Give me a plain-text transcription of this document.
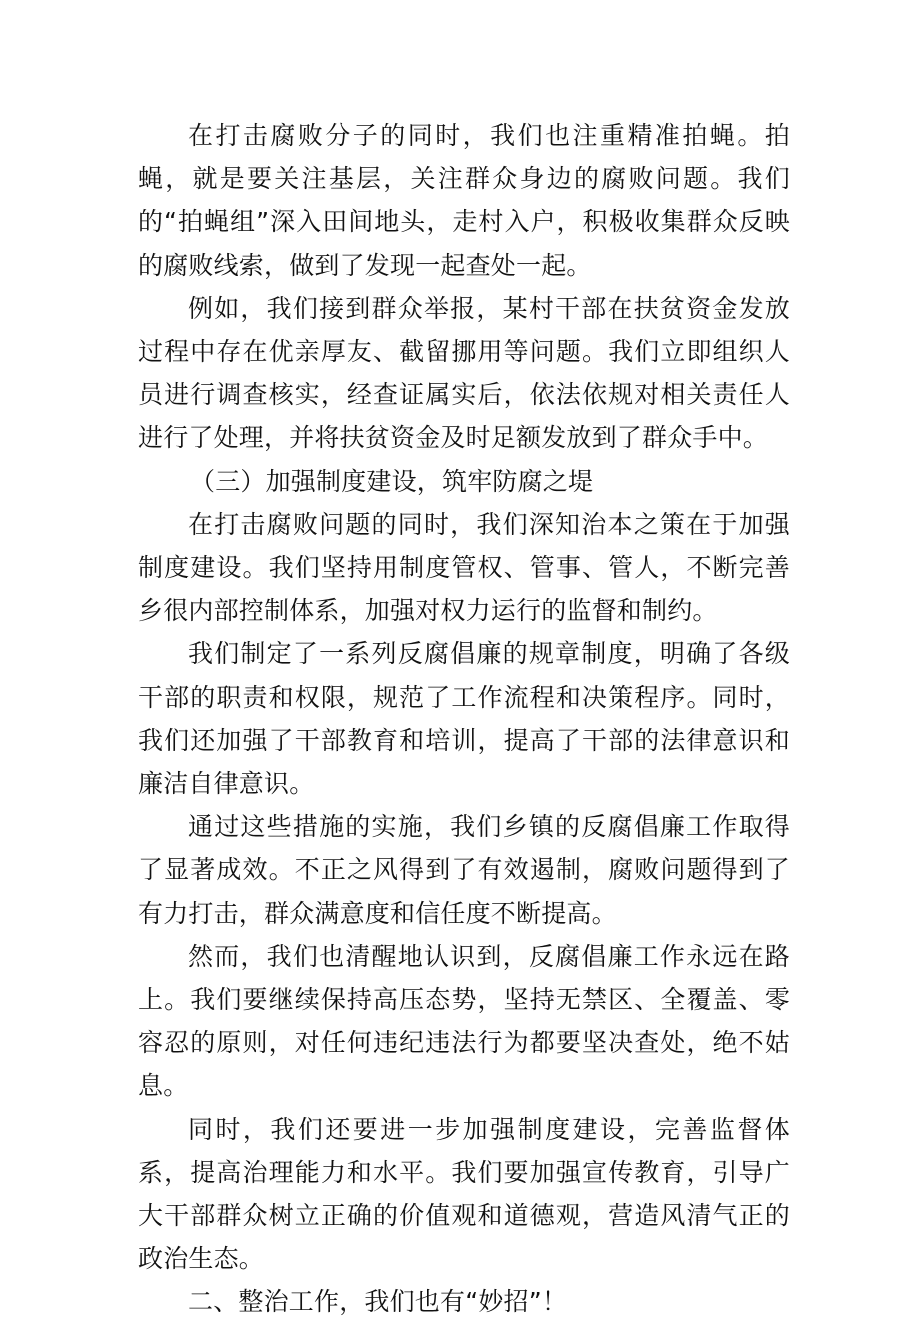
在打击腐败分子的同时，我们也注重精准拍蝇。拍蝇，就是要关注基层，关注群众身边的腐败问题。我们的“拍蝇组”深入田间地头，走村入户，积极收集群众反映的腐败线索，做到了发现一起查处一起。

例如，我们接到群众举报，某村干部在扶贫资金发放过程中存在优亲厚友、截留挪用等问题。我们立即组织人员进行调查核实，经查证属实后，依法依规对相关责任人进行了处理，并将扶贫资金及时足额发放到了群众手中。

（三）加强制度建设，筑牢防腐之堤

在打击腐败问题的同时，我们深知治本之策在于加强制度建设。我们坚持用制度管权、管事、管人，不断完善乡很内部控制体系，加强对权力运行的监督和制约。

我们制定了一系列反腐倡廉的规章制度，明确了各级干部的职责和权限，规范了工作流程和决策程序。同时，我们还加强了干部教育和培训，提高了干部的法律意识和廉洁自律意识。

通过这些措施的实施，我们乡镇的反腐倡廉工作取得了显著成效。不正之风得到了有效遏制，腐败问题得到了有力打击，群众满意度和信任度不断提高。

然而，我们也清醒地认识到，反腐倡廉工作永远在路上。我们要继续保持高压态势，坚持无禁区、全覆盖、零容忍的原则，对任何违纪违法行为都要坚决查处，绝不姑息。

同时，我们还要进一步加强制度建设，完善监督体系，提高治理能力和水平。我们要加强宣传教育，引导广大干部群众树立正确的价值观和道德观，营造风清气正的政治生态。

二、整治工作，我们也有“妙招”！
